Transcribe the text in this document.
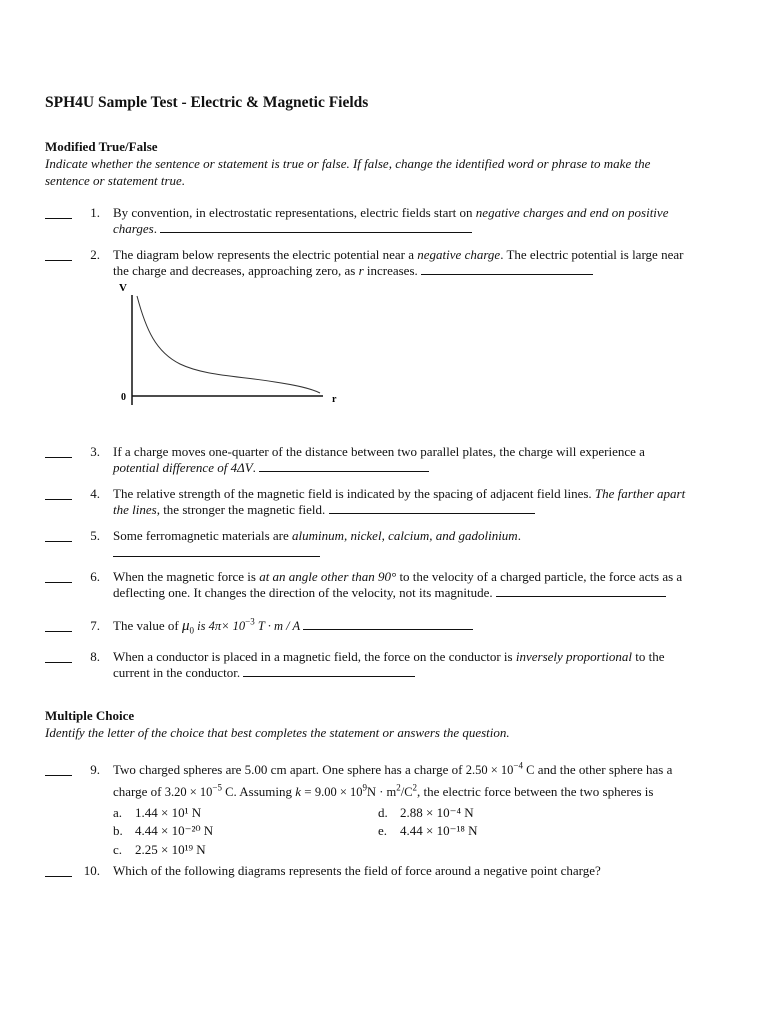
SPH4U Sample Test - Electric & Magnetic Fields
Modified True/False
Indicate whether the sentence or statement is true or false. If false, change the identified word or phrase to make the
sentence or statement true.
1. By convention, in electrostatic representations, electric fields start on negative charges and end on positive
charges.
2. The diagram below represents the electric potential near a negative charge. The electric potential is large near
the charge and decreases, approaching zero, as r increases.
V
0	r
3. If a charge moves one-quarter of the distance between two parallel plates, the charge will experience a
potential difference of 4ΔV.
4. The relative strength of the magnetic field is indicated by the spacing of adjacent field lines. The farther apart
the lines, the stronger the magnetic field.
5. Some ferromagnetic materials are aluminum, nickel, calcium, and gadolinium.
6. When the magnetic force is at an angle other than 90° to the velocity of a charged particle, the force acts as a
deflecting one. It changes the direction of the velocity, not its magnitude.
7. The value of $\mu_0$ is $4\pi\times 10^{-3}$ T · m / A
8. When a conductor is placed in a magnetic field, the force on the conductor is inversely proportional to the
current in the conductor.
Multiple Choice
Identify the letter of the choice that best completes the statement or answers the question.
9. Two charged spheres are 5.00 cm apart. One sphere has a charge of $2.50 \times 10^{-4}$ C and the other sphere has a
charge of $3.20 \times 10^{-5}$ C. Assuming $k = 9.00 \times 10^9N \cdot m^2/C^2$, the electric force between the two spheres is
a. 1.44 × 10¹ N	d. 2.88 × 10⁻⁴ N
b. 4.44 × 10⁻²⁰ N	e. 4.44 × 10⁻¹⁸ N
c. 2.25 × 10¹⁹ N
10. Which of the following diagrams represents the field of force around a negative point charge?
